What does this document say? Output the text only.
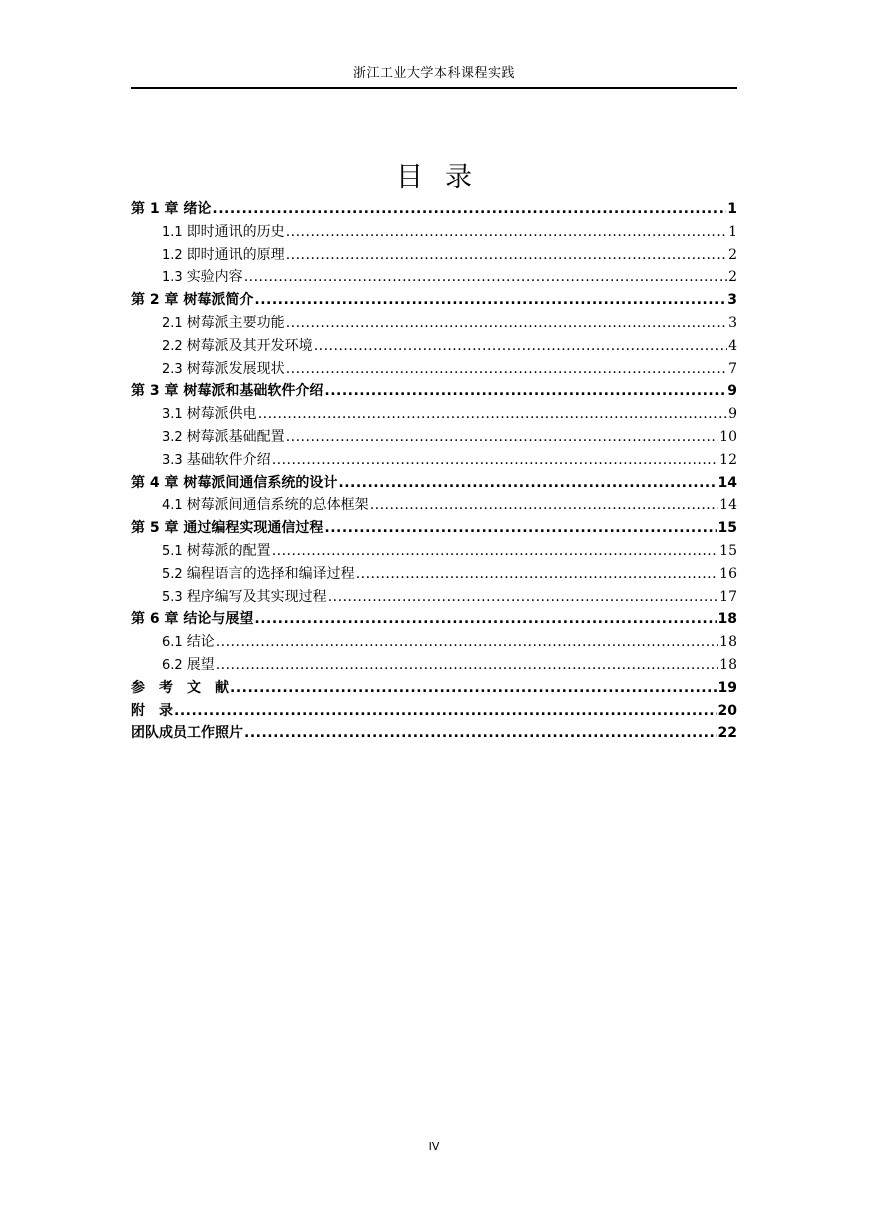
浙江工业大学本科课程实践
目录
第 1 章 绪论 .....	1
1.1 即时通讯的历史 .....	1
1.2 即时通讯的原理 .....	2
1.3 实验内容 .....	2
第 2 章 树莓派简介 .....	3
2.1 树莓派主要功能 .....	3
2.2 树莓派及其开发环境 .....	4
2.3 树莓派发展现状 .....	7
第 3 章 树莓派和基础软件介绍 .....	9
3.1 树莓派供电 .....	9
3.2 树莓派基础配置 .....	10
3.3 基础软件介绍 .....	12
第 4 章 树莓派间通信系统的设计 .....	14
4.1 树莓派间通信系统的总体框架 .....	14
第 5 章 通过编程实现通信过程 .....	15
5.1 树莓派的配置 .....	15
5.2 编程语言的选择和编译过程 .....	16
5.3 程序编写及其实现过程 .....	17
第 6 章 结论与展望 .....	18
6.1 结论 .....	18
6.2 展望 .....	18
参　考　文　献 .....	19
附　录 .....	20
团队成员工作照片 .....	22
IV
